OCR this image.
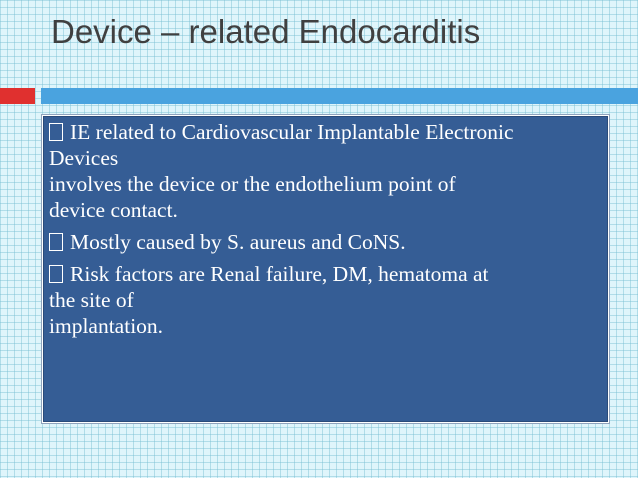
Device – related Endocarditis
IE related to Cardiovascular Implantable Electronic
Devices
involves the device or the endothelium point of
device contact.
Mostly caused by S. aureus and CoNS.
Risk factors are Renal failure, DM, hematoma at
the site of
implantation.
